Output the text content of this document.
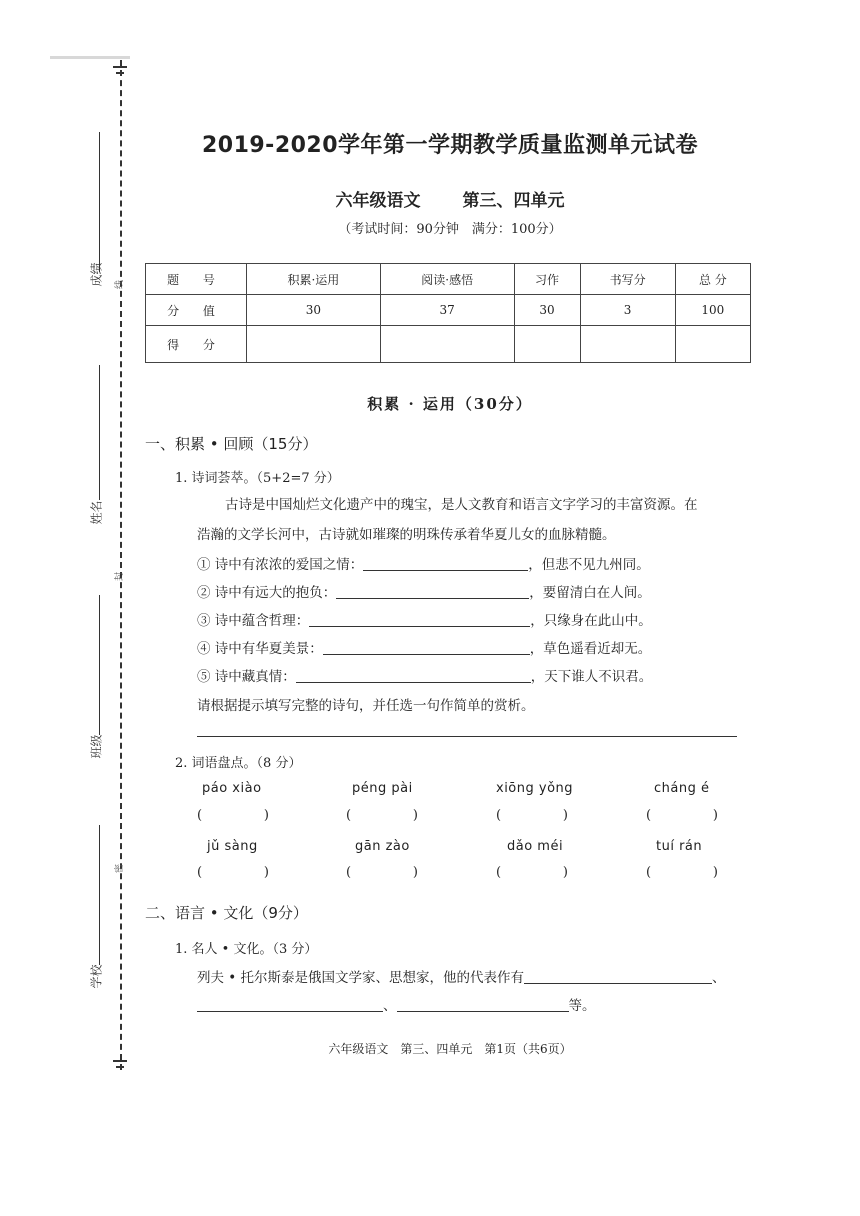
成绩
姓名
班级
学校
线
封
密
2019-2020学年第一学期教学质量监测单元试卷
六年级语文 第三、四单元
（考试时间：90分钟　满分：100分）
题 号	积累·运用	阅读·感悟	习作	书写分	总 分
分 值	30	37	30	3	100
得 分					
积累 · 运用（30分）
一、积累 • 回顾（15分）
1. 诗词荟萃。（5+2=7 分）
古诗是中国灿烂文化遗产中的瑰宝，是人文教育和语言文字学习的丰富资源。在
浩瀚的文学长河中，古诗就如璀璨的明珠传承着华夏儿女的血脉精髓。
① 诗中有浓浓的爱国之情：	，但悲不见九州同。
② 诗中有远大的抱负：	，要留清白在人间。
③ 诗中蕴含哲理：	，只缘身在此山中。
④ 诗中有华夏美景：	，草色遥看近却无。
⑤ 诗中藏真情：	，天下谁人不识君。
请根据提示填写完整的诗句，并任选一句作简单的赏析。
2. 词语盘点。（8 分）
páo xiào	péng pài	xiōng yǒng	cháng é
(	)	(	)	(	)	(	)
jǔ sàng	gān zào	dǎo méi	tuí rán
(	)	(	)	(	)	(	)
二、语言 • 文化（9分）
1. 名人 • 文化。（3 分）
列夫 • 托尔斯泰是俄国文学家、思想家，他的代表作有	、
、	等。
六年级语文　第三、四单元　第1页（共6页）
